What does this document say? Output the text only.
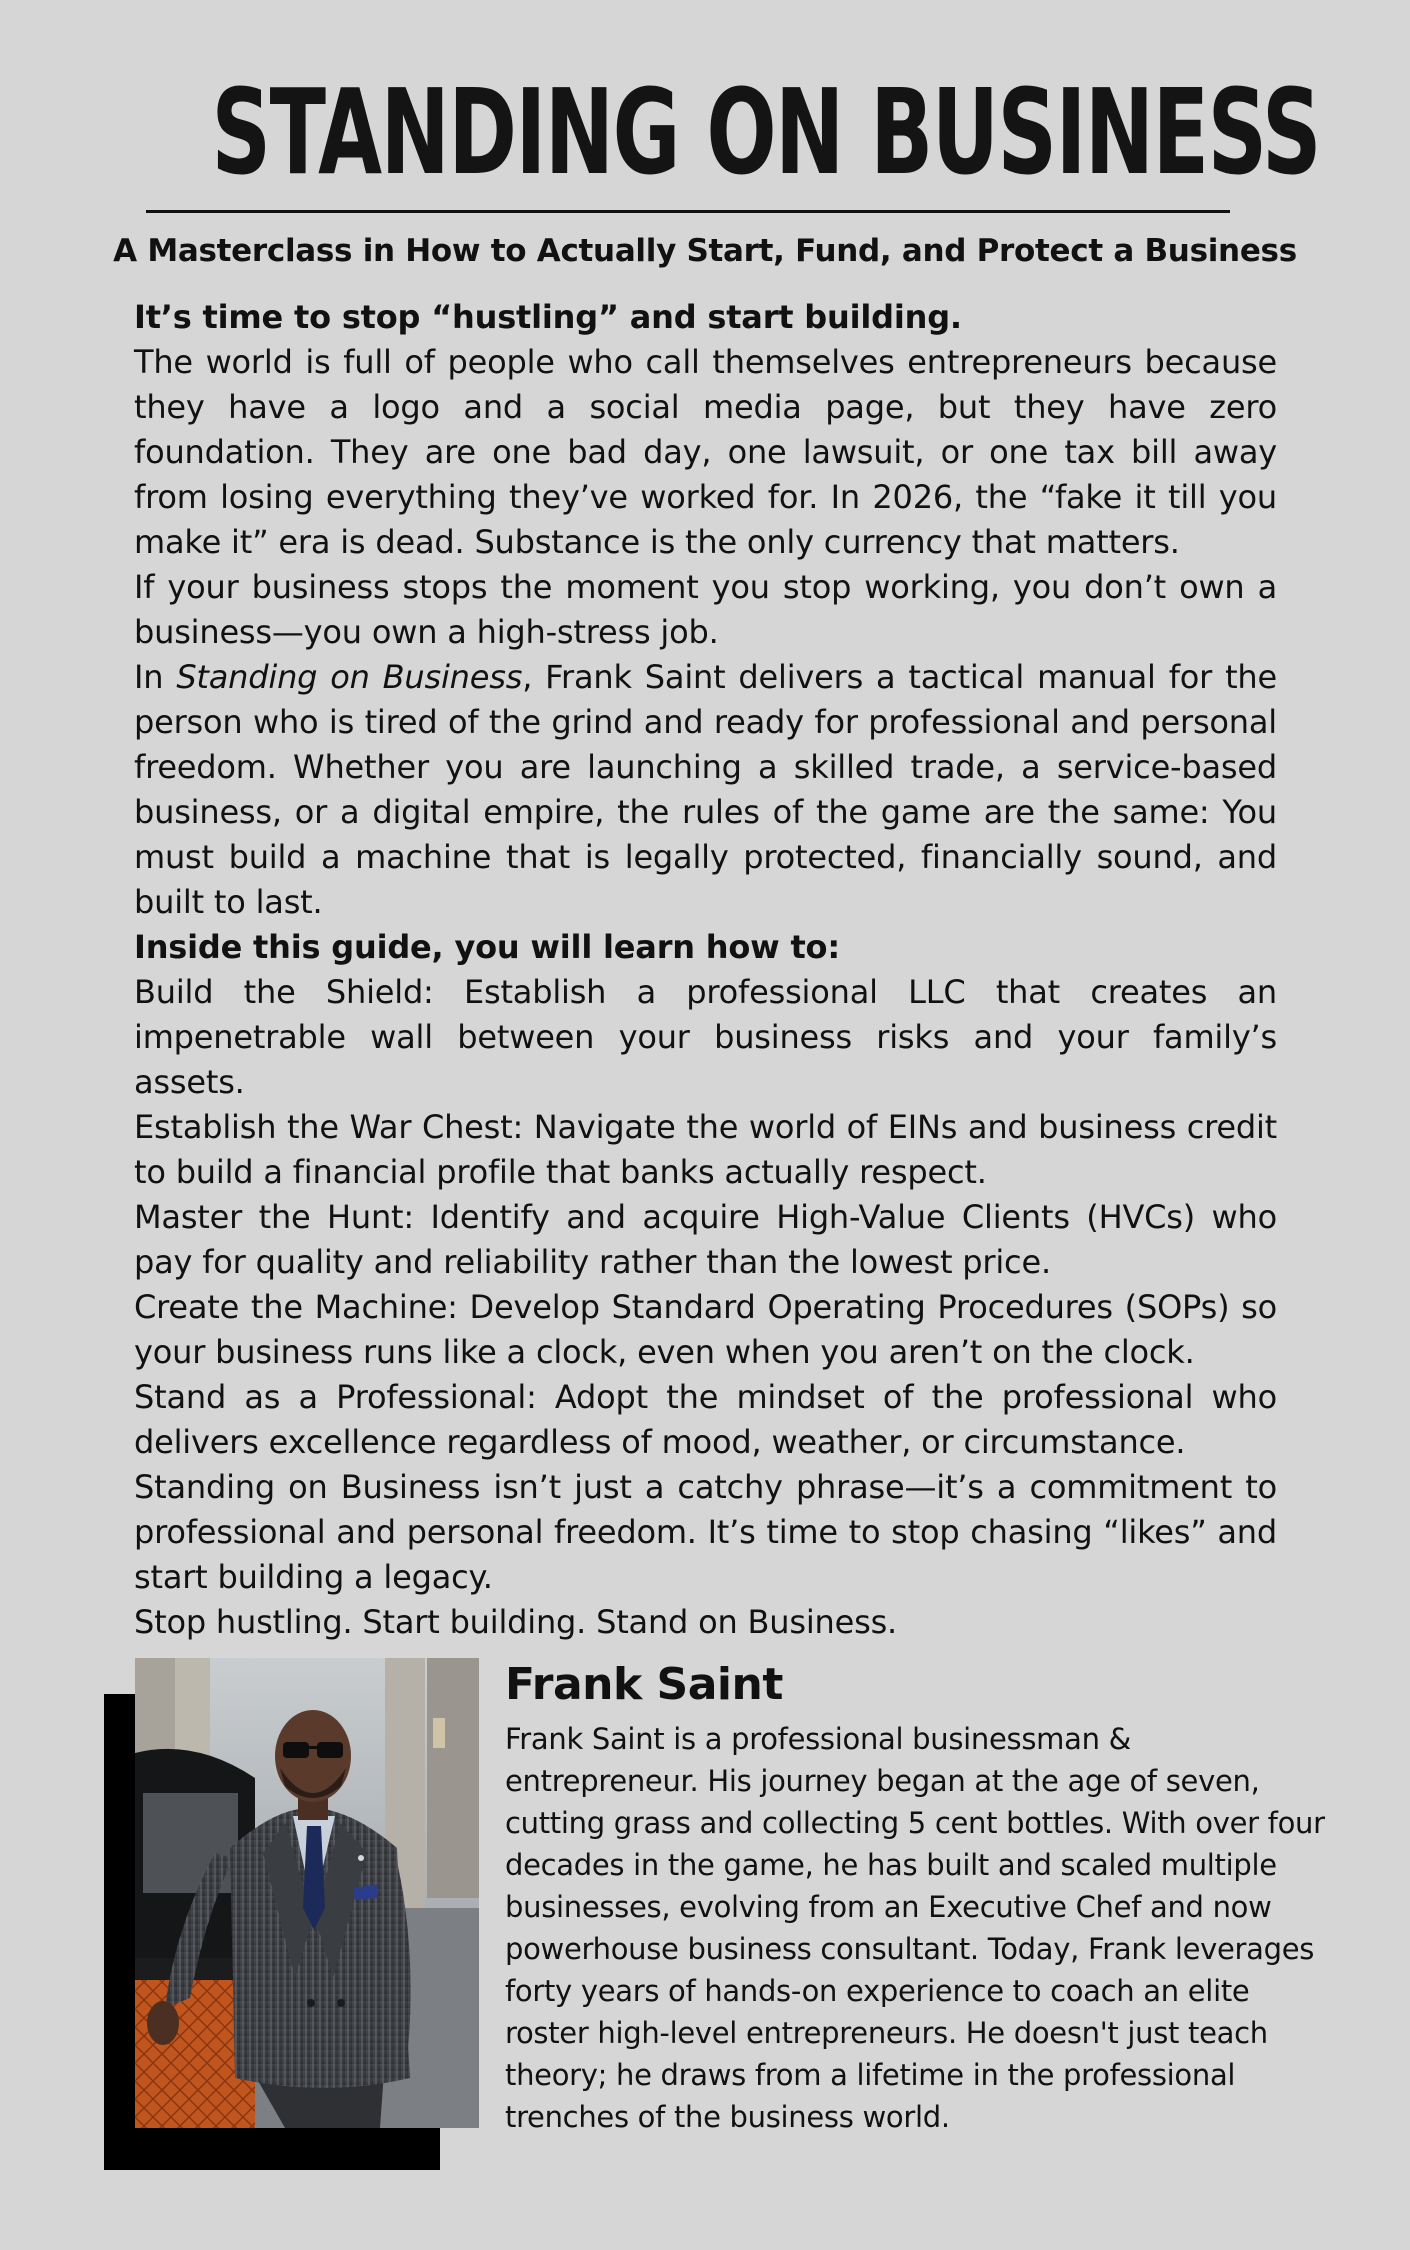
STANDING ON BUSINESS
A Masterclass in How to Actually Start, Fund, and Protect a Business

It’s time to stop “hustling” and start building.

The world is full of people who call themselves entrepreneurs because they have a logo and a social media page, but they have zero foundation. They are one bad day, one lawsuit, or one tax bill away from losing everything they’ve worked for. In 2026, the “fake it till you make it” era is dead. Substance is the only currency that matters.

If your business stops the moment you stop working, you don’t own a business—you own a high-stress job.

In Standing on Business, Frank Saint delivers a tactical manual for the person who is tired of the grind and ready for professional and personal freedom. Whether you are launching a skilled trade, a service-based business, or a digital empire, the rules of the game are the same: You must build a machine that is legally protected, financially sound, and built to last.

Inside this guide, you will learn how to:

Build the Shield: Establish a professional LLC that creates an impenetrable wall between your business risks and your family’s assets.

Establish the War Chest: Navigate the world of EINs and business credit to build a financial profile that banks actually respect.

Master the Hunt: Identify and acquire High-Value Clients (HVCs) who pay for quality and reliability rather than the lowest price.

Create the Machine: Develop Standard Operating Procedures (SOPs) so your business runs like a clock, even when you aren’t on the clock.

Stand as a Professional: Adopt the mindset of the professional who delivers excellence regardless of mood, weather, or circumstance.

Standing on Business isn’t just a catchy phrase—it’s a commitment to professional and personal freedom. It’s time to stop chasing “likes” and start building a legacy.

Stop hustling. Start building. Stand on Business.

Frank Saint

Frank Saint is a professional businessman & entrepreneur. His journey began at the age of seven, cutting grass and collecting 5 cent bottles. With over four decades in the game, he has built and scaled multiple businesses, evolving from an Executive Chef and now powerhouse business consultant. Today, Frank leverages forty years of hands-on experience to coach an elite roster high-level entrepreneurs. He doesn't just teach theory; he draws from a lifetime in the professional trenches of the business world.
